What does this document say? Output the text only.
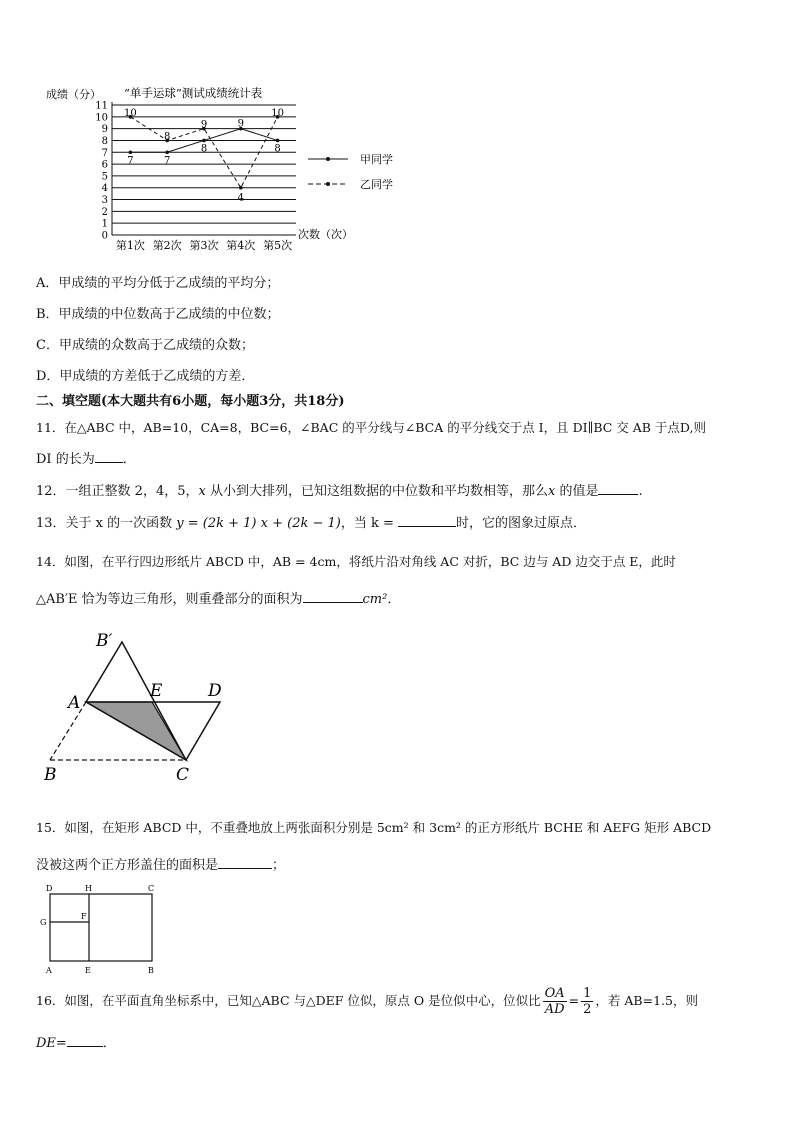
成绩（分） “单手运球”测试成绩统计表
0
1
2
3
4
5
6
7
8
9
10
11
第1次 第2次 第3次 第4次 第5次
10
8
9
4
10
7	7
8
9
8
次数（次）
甲同学
乙同学
A．甲成绩的平均分低于乙成绩的平均分；
B．甲成绩的中位数高于乙成绩的中位数；
C．甲成绩的众数高于乙成绩的众数；
D．甲成绩的方差低于乙成绩的方差．
二、填空题(本大题共有6小题，每小题3分，共18分)
11．在△ABC 中，AB=10，CA=8，BC=6，∠BAC 的平分线与∠BCA 的平分线交于点 I，且 DI∥BC 交 AB 于点D,则
DI 的长为 ．
12．一组正整数 2，4，5，x 从小到大排列，已知这组数据的中位数和平均数相等，那么x 的值是	.
13．关于 x 的一次函数 y = (2k + 1) x + (2k − 1)，当 k =	时，它的图象过原点．
14．如图，在平行四边形纸片 ABCD 中，AB = 4cm，将纸片沿对角线 AC 对折，BC 边与 AD 边交于点 E，此时
△AB′E 恰为等边三角形，则重叠部分的面积为	cm²．
B′
A
E	D
B	C
15．如图，在矩形 ABCD 中，不重叠地放上两张面积分别是 5cm² 和 3cm² 的正方形纸片 BCHE 和 AEFG 矩形 ABCD
没被这两个正方形盖住的面积是	；
D	H	C
F
G
A	E	B
16．如图，在平面直角坐标系中，已知△ABC 与△DEF 位似，原点 O 是位似中心，位似比 $\frac{OA}{AD} = \frac{1}{2}$ ，若 AB=1.5，则
DE=	．
